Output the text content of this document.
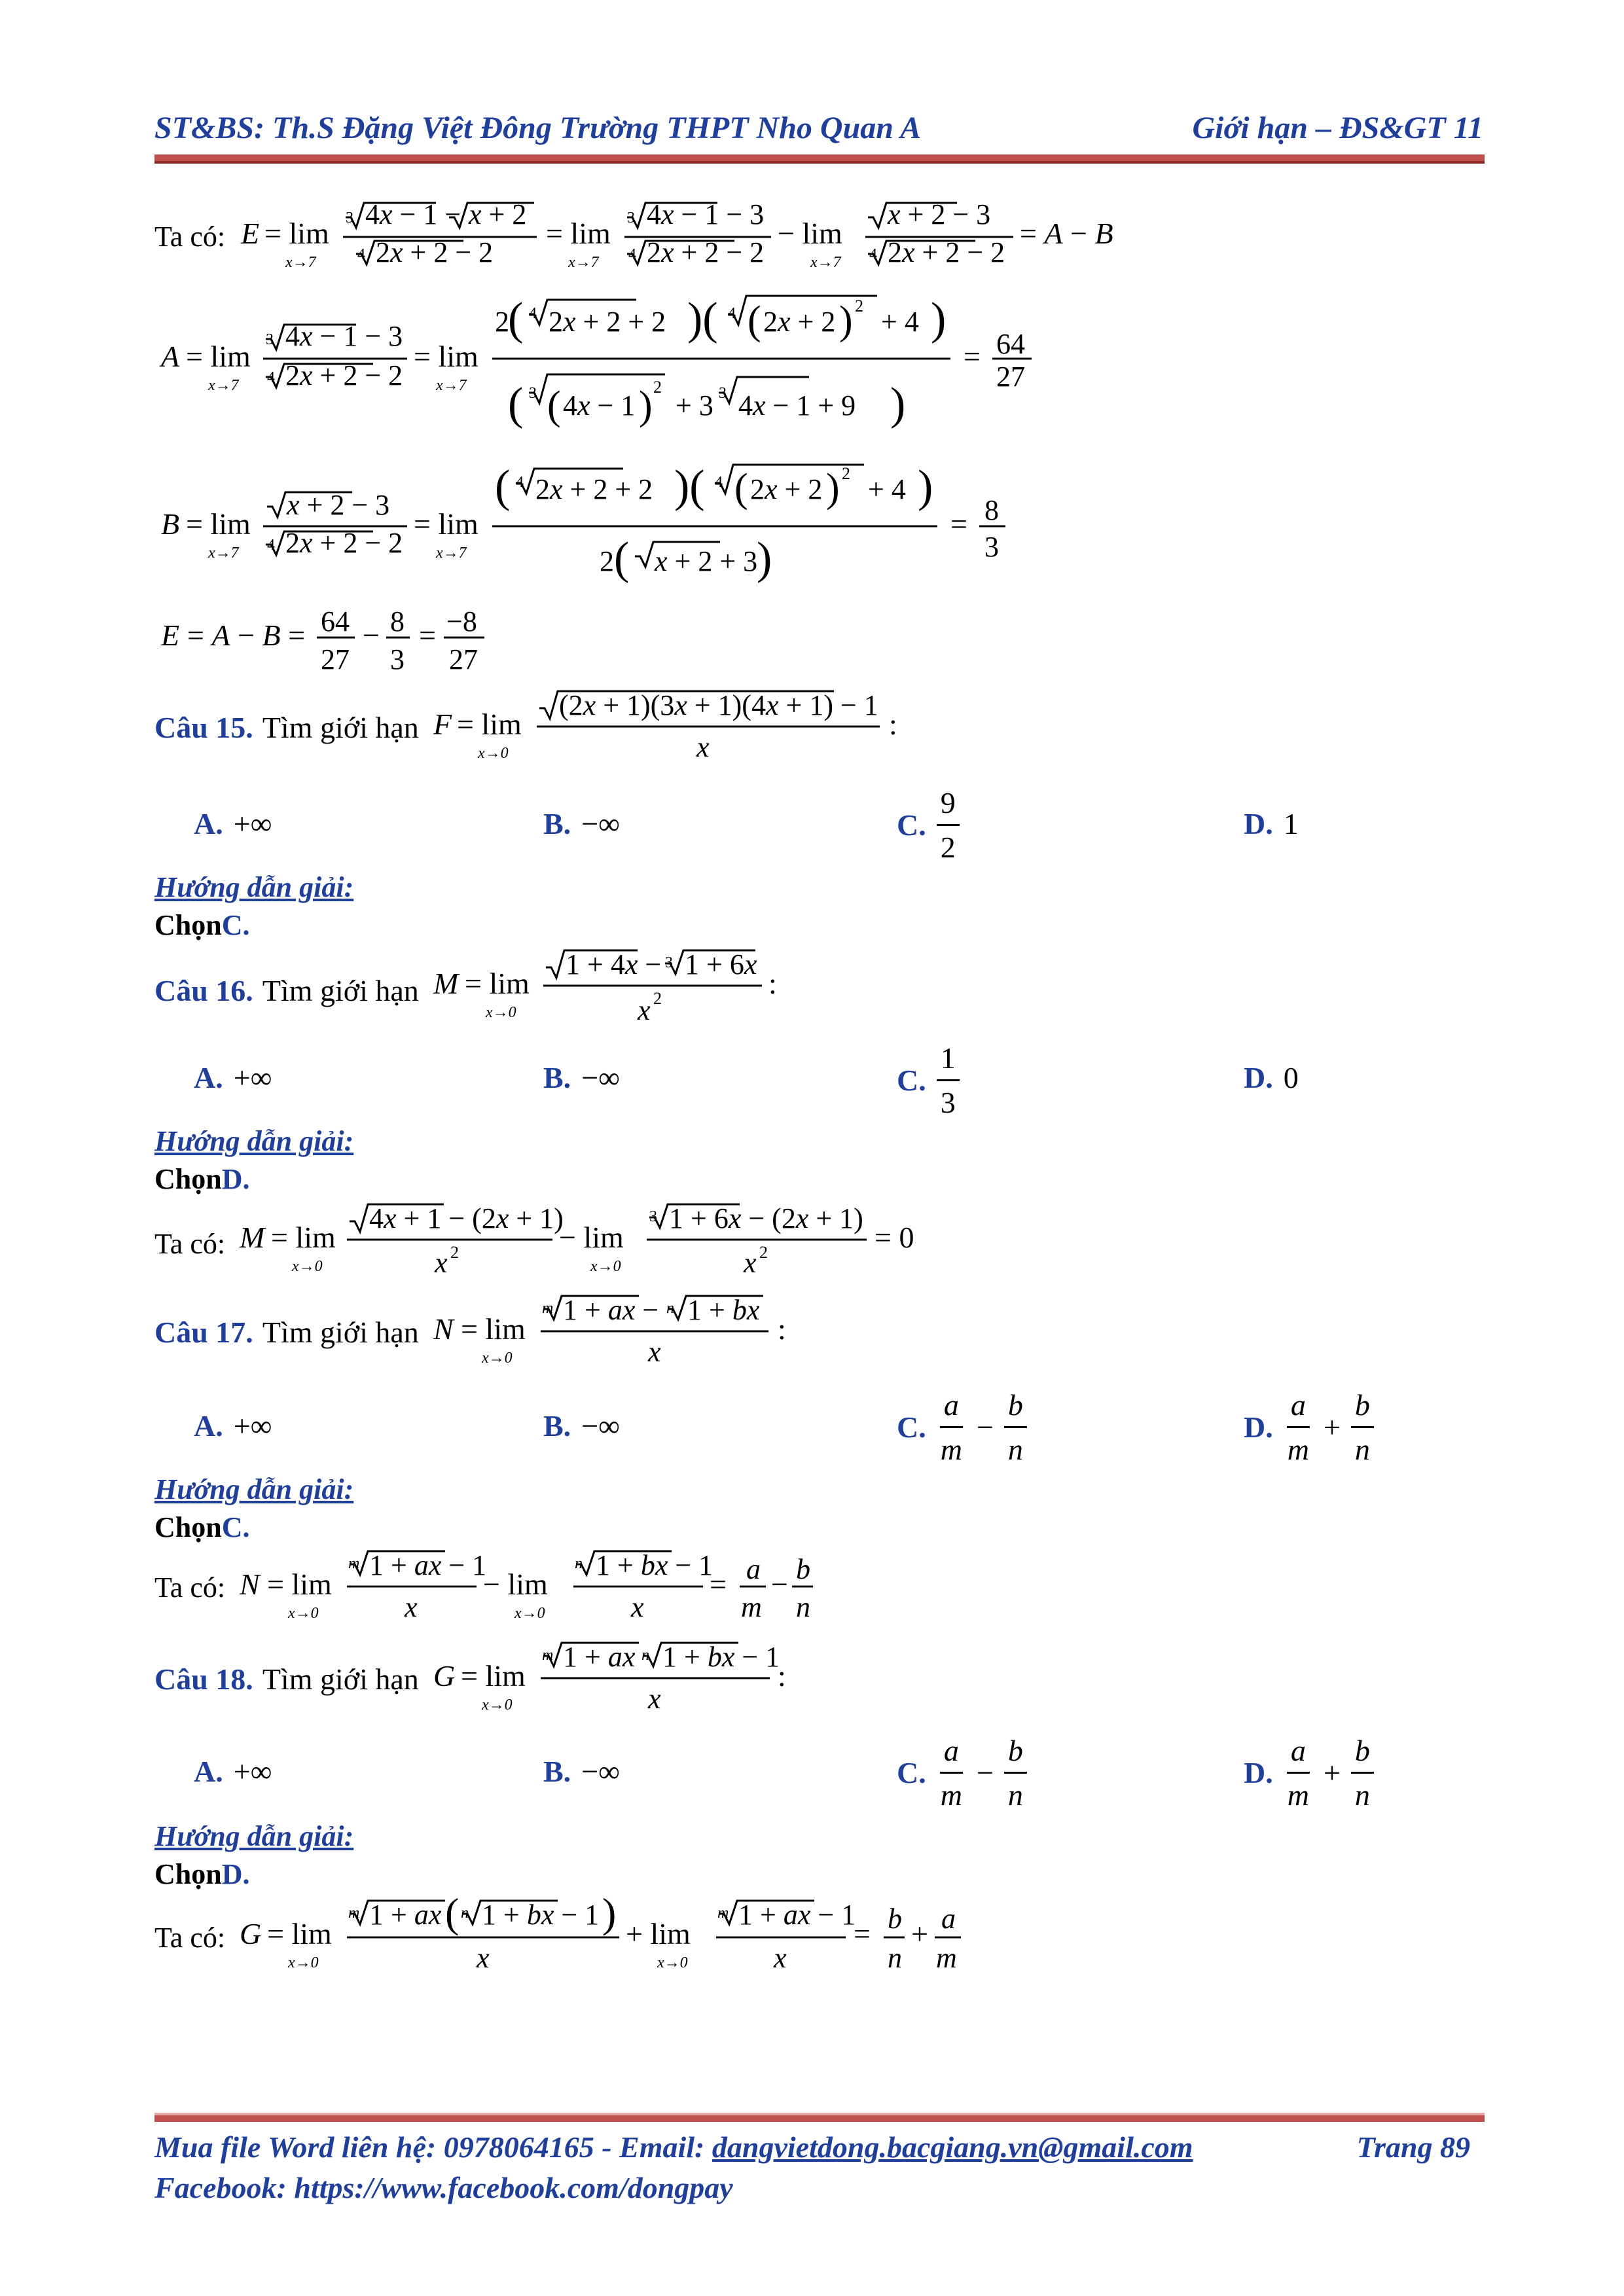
ST&BS: Th.S Đặng Việt Đông Trường THPT Nho Quan A	Giới hạn – ĐS&GT 11
Ta có: E = lim
x→7
3 4x − 1 − x + 2
4 2x + 2 − 2
= lim
x→7
3 4x − 1 − 3
4 2x + 2 − 2
− lim
x→7
x + 2 − 3
4 2x + 2 − 2
= A − B
A = lim
x→7
3 4x − 1 − 3
4 2x + 2 − 2
= lim
x→7
2
( 4 2x + 2 + 2 )( 4 ( 2x + 2 ) 2 + 4 )
( 3 ( 4x − 1 ) 2
+ 3 3 4x − 1 + 9 )
= 64
27
B = lim
x→7
x + 2 − 3
4 2x + 2 − 2
= lim
x→7
( 4 2x + 2 + 2 )( 4 ( 2x + 2 ) 2 + 4 )
2 ( x + 2 + 3
)
= 8
3
E = A − B = 64
27
− 8
3
= −8
27
Câu 15. Tìm giới hạn F = lim
x→0
(2x + 1)(3x + 1)(4x + 1) − 1
x
:
A. +∞	B. −∞	C. $\frac{9}{2}$	D. 1
Hướng dẫn giải:
ChọnC.
Câu 16. Tìm giới hạn M = lim
x→0
1 + 4x − 3 1 + 6x
x 2	:
A. +∞	B. −∞	C. $\frac{1}{3}$	D. 0
Hướng dẫn giải:
ChọnD.
Ta có: M = lim
x→0
4x + 1 − (2x + 1)
x 2	− lim
x→0
3 1 + 6x − (2x + 1)
x 2	= 0
Câu 17. Tìm giới hạn N = lim
x→0
m 1 + ax − n 1 + bx
x
:
A. +∞	B. −∞	C. $\frac{a}{m} - \frac{b}{n}$	D. $\frac{a}{m} + \frac{b}{n}$
Hướng dẫn giải:
ChọnC.
Ta có: N = lim
x→0
m 1 + ax − 1
x
− lim
x→0
n 1 + bx − 1
x
= a
m
− b
n
Câu 18. Tìm giới hạn G = lim
x→0
m 1 + ax n 1 + bx − 1
x
:
A. +∞	B. −∞	C. $\frac{a}{m} - \frac{b}{n}$	D. $\frac{a}{m} + \frac{b}{n}$
Hướng dẫn giải:
ChọnD.
Ta có: G = lim
x→0
m 1 + ax ( n 1 + bx − 1 )
x
+ lim
x→0
m 1 + ax − 1
x
= b
n
+ a
m
Mua file Word liên hệ: 0978064165 - Email: dangvietdong.bacgiang.vn@gmail.com	Trang 89
Facebook: https://www.facebook.com/dongpay
